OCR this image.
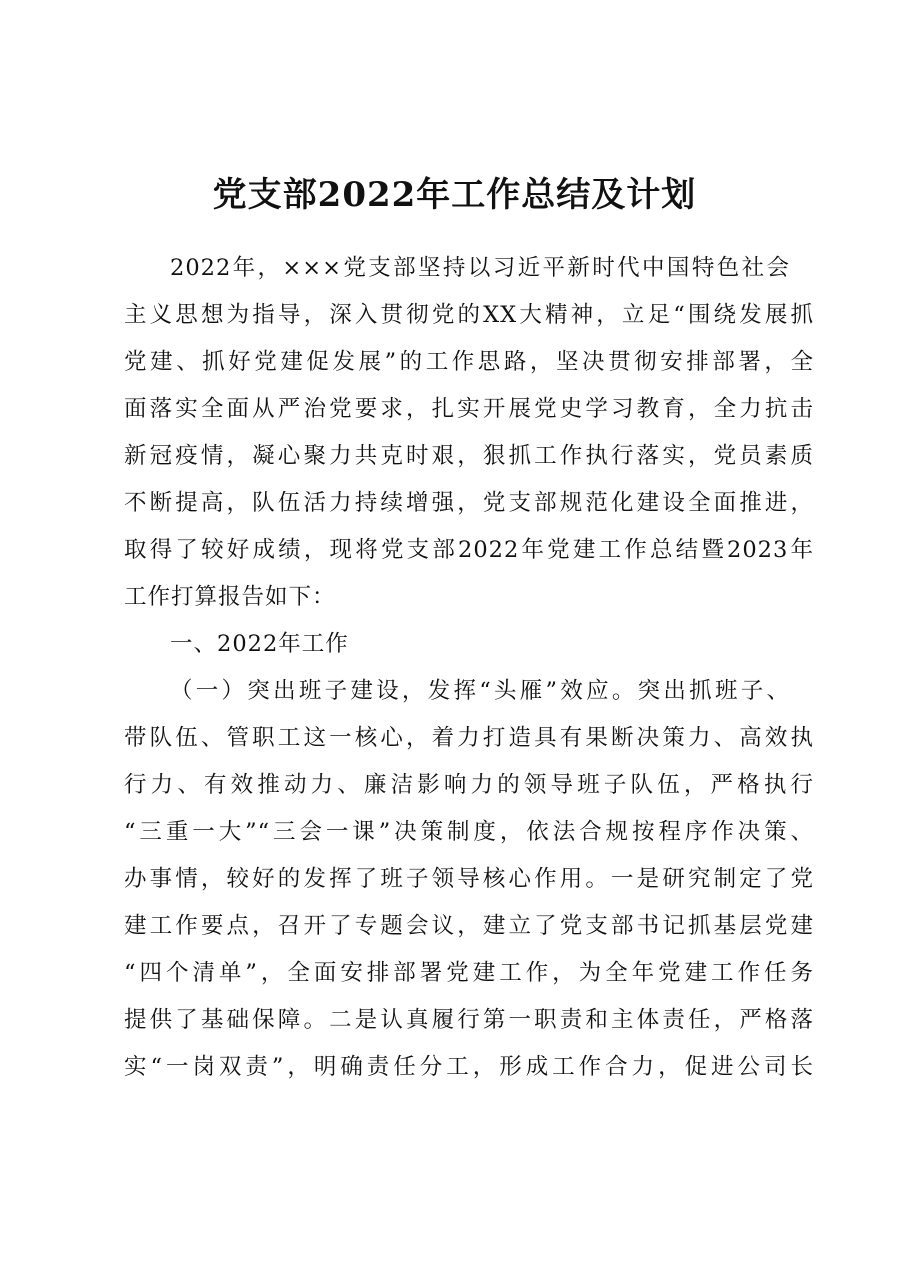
党支部2022年工作总结及计划

2022年，×××党支部坚持以习近平新时代中国特色社会

主义思想为指导，深入贯彻党的XX大精神，立足“围绕发展抓

党建、抓好党建促发展”的工作思路，坚决贯彻安排部署，全

面落实全面从严治党要求，扎实开展党史学习教育，全力抗击

新冠疫情，凝心聚力共克时艰，狠抓工作执行落实，党员素质

不断提高，队伍活力持续增强，党支部规范化建设全面推进，

取得了较好成绩，现将党支部2022年党建工作总结暨2023年

工作打算报告如下：

一、2022年工作

（一）突出班子建设，发挥“头雁”效应。突出抓班子、

带队伍、管职工这一核心，着力打造具有果断决策力、高效执

行力、有效推动力、廉洁影响力的领导班子队伍，严格执行

“三重一大”“三会一课”决策制度，依法合规按程序作决策、

办事情，较好的发挥了班子领导核心作用。一是研究制定了党

建工作要点，召开了专题会议，建立了党支部书记抓基层党建

“四个清单”，全面安排部署党建工作，为全年党建工作任务

提供了基础保障。二是认真履行第一职责和主体责任，严格落

实“一岗双责”，明确责任分工，形成工作合力，促进公司长
